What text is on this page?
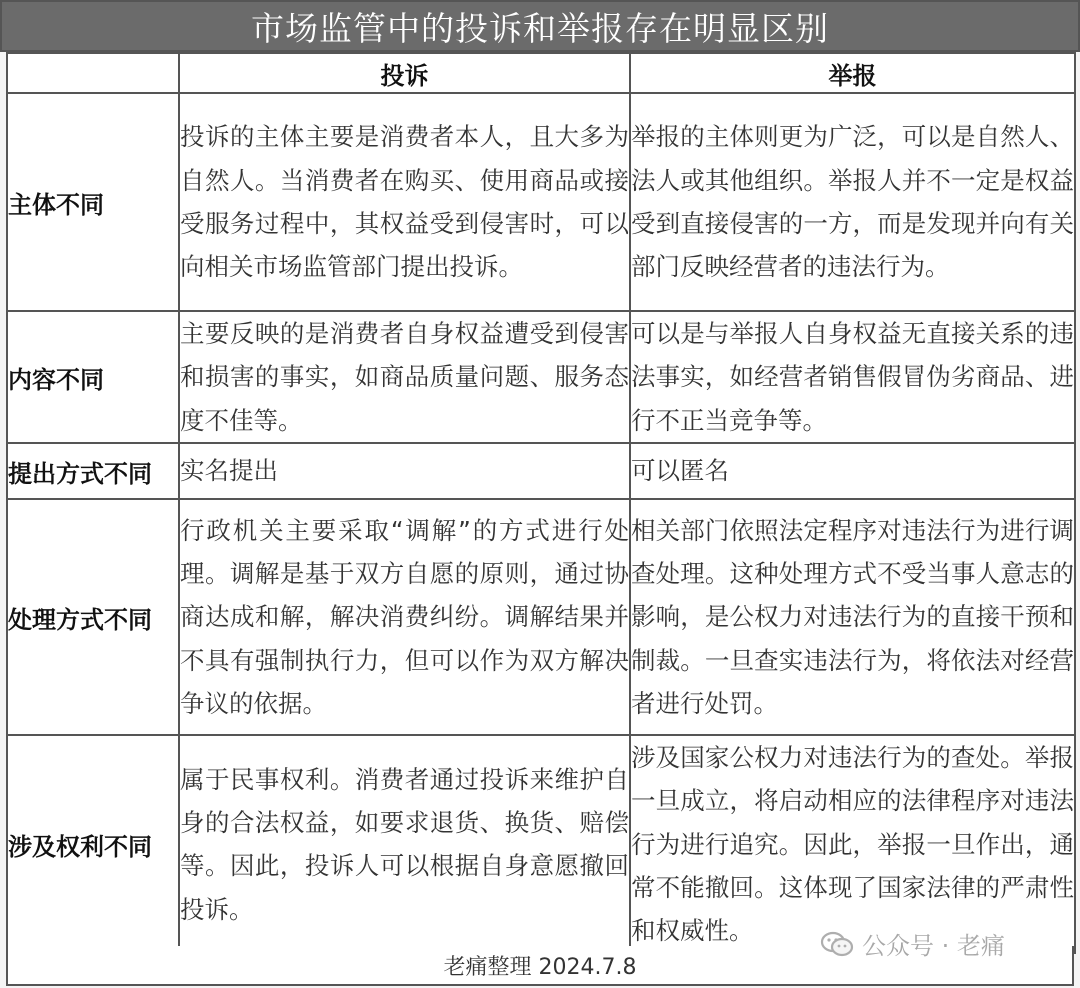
市场监管中的投诉和举报存在明显区别
	投诉	举报
主体不同	投诉的主体主要是消费者本人，且大多为自然人。当消费者在购买、使用商品或接受服务过程中，其权益受到侵害时，可以向相关市场监管部门提出投诉。	举报的主体则更为广泛，可以是自然人、法人或其他组织。举报人并不一定是权益受到直接侵害的一方，而是发现并向有关部门反映经营者的违法行为。

内容不同	主要反映的是消费者自身权益遭受到侵害和损害的事实，如商品质量问题、服务态度不佳等。	可以是与举报人自身权益无直接关系的违法事实，如经营者销售假冒伪劣商品、进行不正当竞争等。

提出方式不同	实名提出	可以匿名

处理方式不同	行政机关主要采取“调解”的方式进行处理。调解是基于双方自愿的原则，通过协商达成和解，解决消费纠纷。调解结果并不具有强制执行力，但可以作为双方解决争议的依据。	相关部门依照法定程序对违法行为进行调查处理。这种处理方式不受当事人意志的影响，是公权力对违法行为的直接干预和制裁。一旦查实违法行为，将依法对经营者进行处罚。

涉及权利不同	属于民事权利。消费者通过投诉来维护自身的合法权益，如要求退货、换货、赔偿等。因此，投诉人可以根据自身意愿撤回投诉。	涉及国家公权力对违法行为的查处。举报一旦成立，将启动相应的法律程序对违法行为进行追究。因此，举报一旦作出，通常不能撤回。这体现了国家法律的严肃性和权威性。

老痛整理 2024.7.8
公众号 · 老痛
